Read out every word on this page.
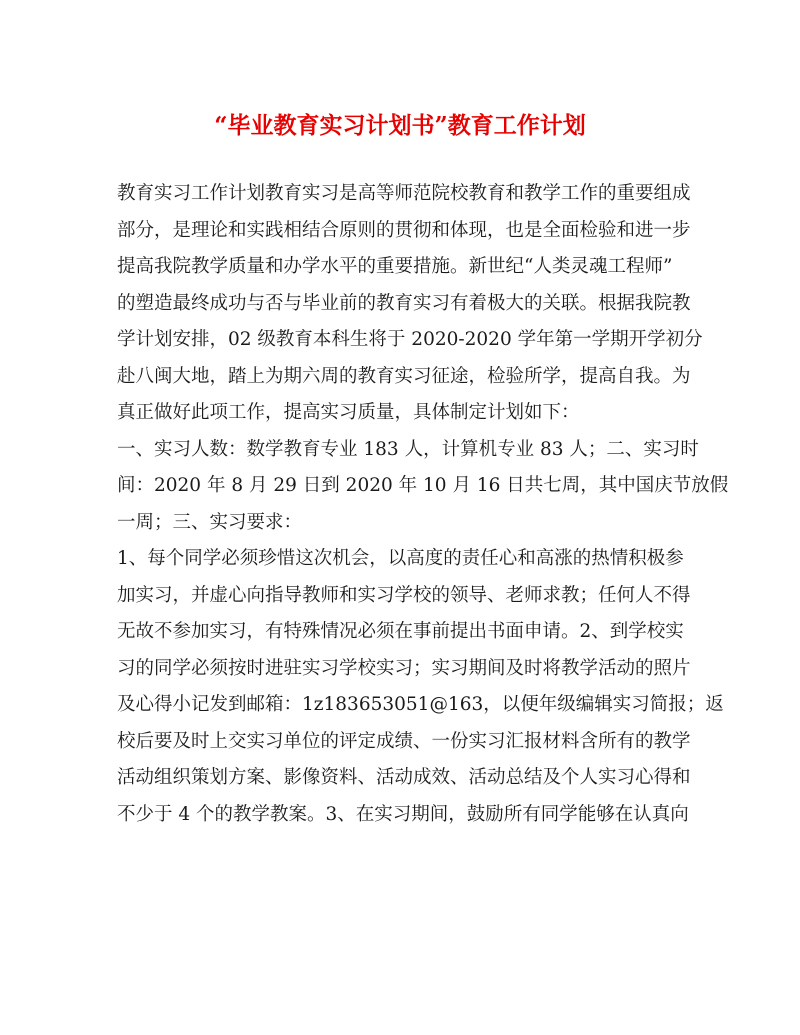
“毕业教育实习计划书”教育工作计划
教育实习工作计划教育实习是高等师范院校教育和教学工作的重要组成
部分，是理论和实践相结合原则的贯彻和体现，也是全面检验和进一步
提高我院教学质量和办学水平的重要措施。新世纪“人类灵魂工程师”
的塑造最终成功与否与毕业前的教育实习有着极大的关联。根据我院教
学计划安排，02 级教育本科生将于 2020-2020 学年第一学期开学初分
赴八闽大地，踏上为期六周的教育实习征途，检验所学，提高自我。为
真正做好此项工作，提高实习质量，具体制定计划如下：
一、实习人数：数学教育专业 183 人，计算机专业 83 人；二、实习时
间：2020 年 8 月 29 日到 2020 年 10 月 16 日共七周，其中国庆节放假
一周；三、实习要求：
1、每个同学必须珍惜这次机会，以高度的责任心和高涨的热情积极参
加实习，并虚心向指导教师和实习学校的领导、老师求教；任何人不得
无故不参加实习，有特殊情况必须在事前提出书面申请。2、到学校实
习的同学必须按时进驻实习学校实习；实习期间及时将教学活动的照片
及心得小记发到邮箱：1z183653051@163，以便年级编辑实习简报；返
校后要及时上交实习单位的评定成绩、一份实习汇报材料含所有的教学
活动组织策划方案、影像资料、活动成效、活动总结及个人实习心得和
不少于 4 个的教学教案。3、在实习期间，鼓励所有同学能够在认真向
